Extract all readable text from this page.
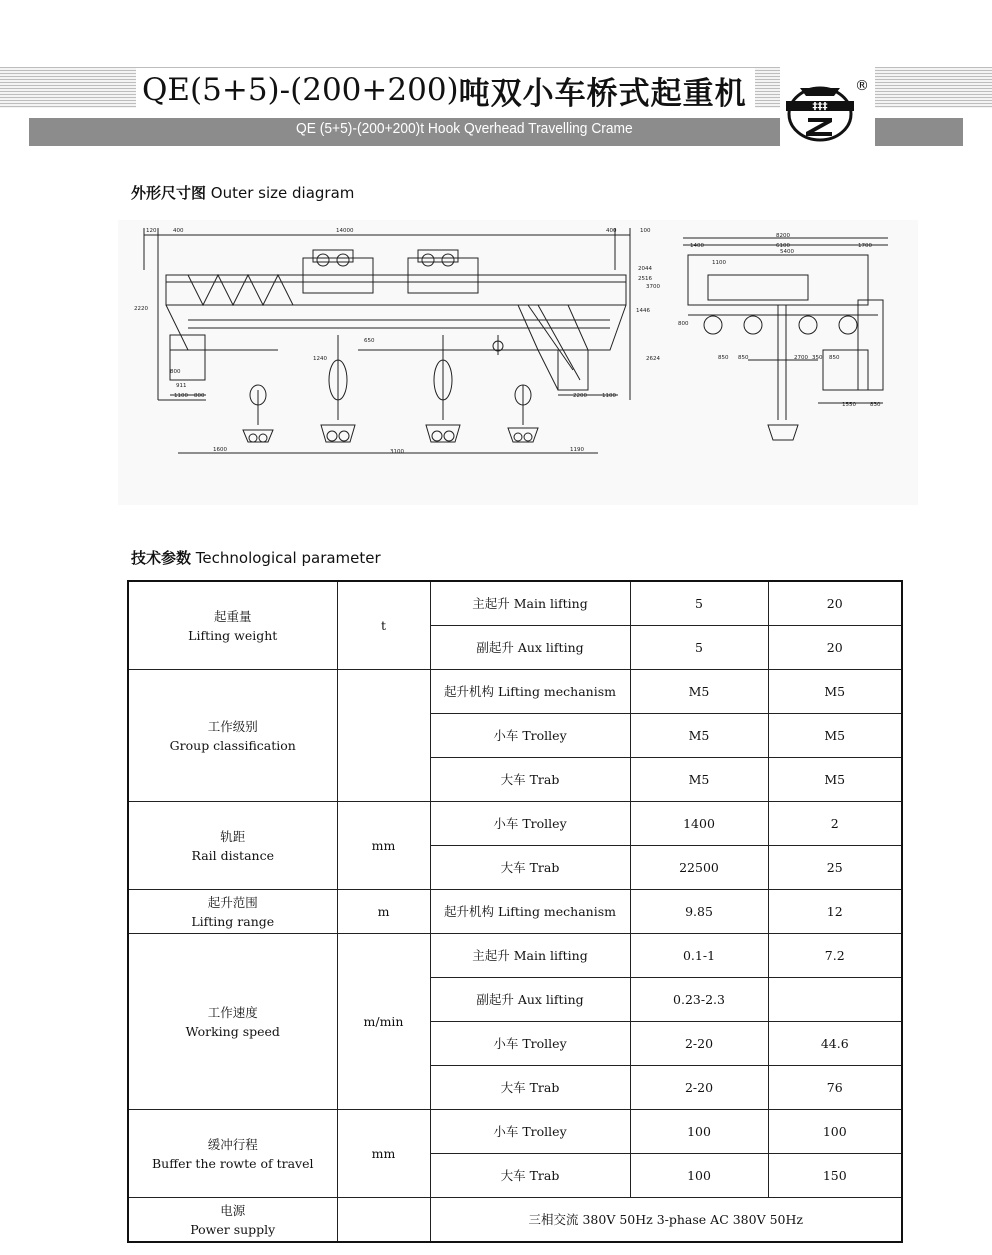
QE(5+5)-(200+200) 吨双小车桥式起重机
QE (5+5)-(200+200)t Hook Qverhead Travelling Crame
‡‡‡
®
外形尺寸图 Outer size diagram
120	400	14000	400	100
2220
2044
2516
3700
1446
1240
650
2624
800
911
1100 800	2200	1100
1600	3100	1190
8200
1400	6100	1700
5400
1100
850 850	2700 350 850
1550	830
800
技术参数 Technological parameter
起重量
Lifting weight	t	主起升 Main lifting	5	20
		副起升 Aux lifting	5	20

工作级别
Group classification		起升机构 Lifting mechanism	M5	M5
		小车 Trolley	M5	M5
		大车 Trab	M5	M5

轨距
Rail distance	mm	小车 Trolley	1400	2
		大车 Trab	22500	25

起升范围
Lifting range	m	起升机构 Lifting mechanism	9.85	12

工作速度
Working speed	m/min	主起升 Main lifting	0.1-1	7.2
		副起升 Aux lifting	0.23-2.3	
		小车 Trolley	2-20	44.6
		大车 Trab	2-20	76

缓冲行程
Buffer the rowte of travel	mm	小车 Trolley	100	100
		大车 Trab	100	150

电源
Power supply		三相交流 380V 50Hz 3-phase AC 380V 50Hz		
